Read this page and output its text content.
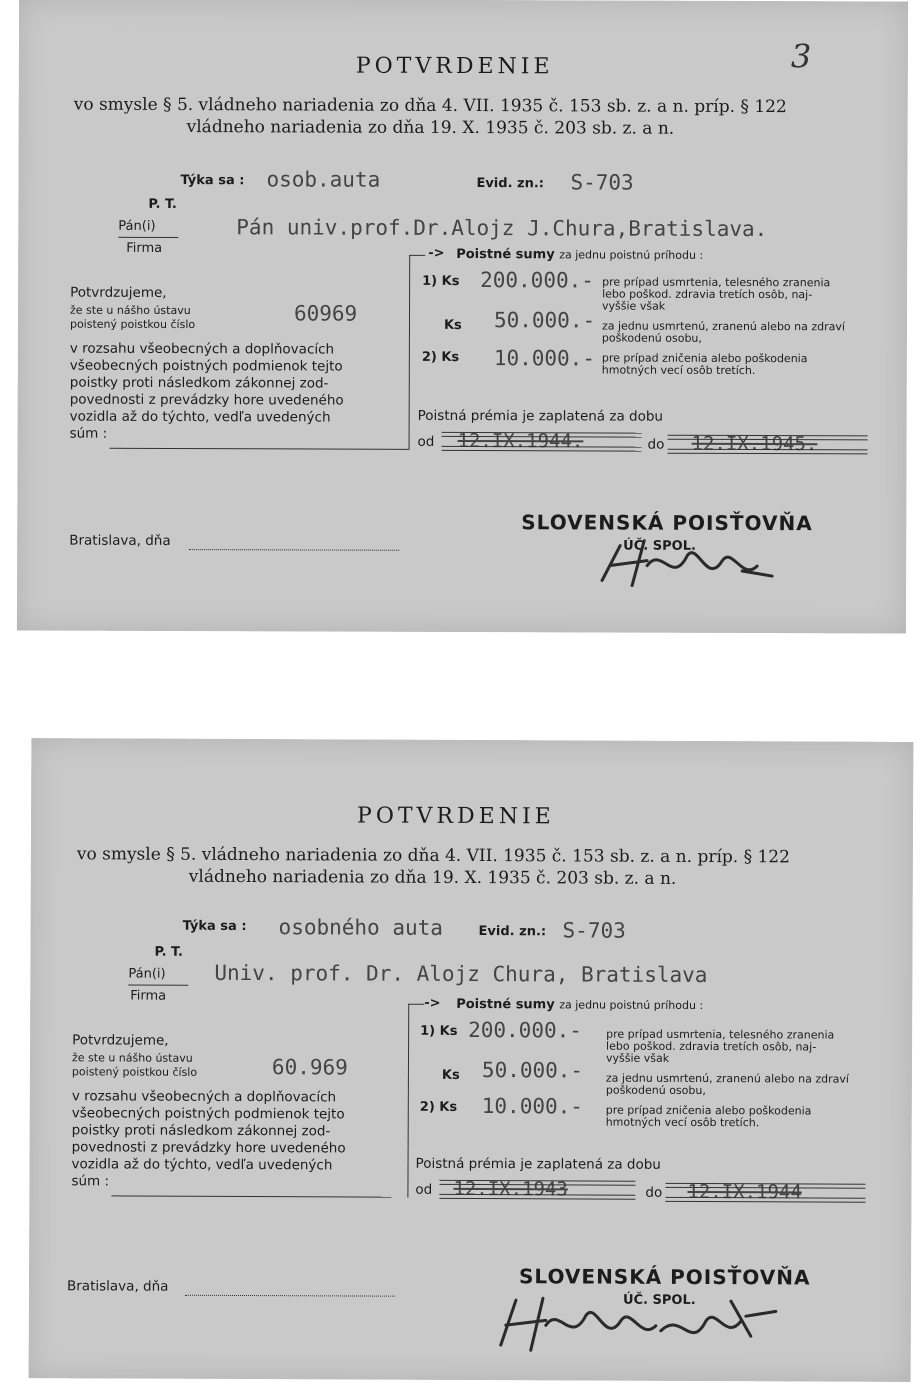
POTVRDENIE	3
vo smysle § 5. vládneho nariadenia zo dňa 4. VII. 1935 č. 153 sb. z. a n. príp. § 122
vládneho nariadenia zo dňa 19. X. 1935 č. 203 sb. z. a n.
Týka sa : osob.auta	Evid. zn.: S-703
P. T.
Pán(i)
Firma
Pán univ.prof.Dr.Alojz J.Chura,Bratislava.
Potvrdzujeme,
že ste u nášho ústavu
poistený poistkou číslo	60969
v rozsahu všeobecných a doplňovacích
všeobecných poistných podmienok tejto
poistky proti následkom zákonnej zod-
povednosti z prevádzky hore uvedeného
vozidla až do týchto, vedľa uvedených
súm :
-> Poistné sumy za jednu poistnú príhodu :
1) Ks 200.000.- pre prípad usmrtenia, telesného zranenia
lebo poškod. zdravia tretích osôb, naj-
vyššie však
Ks 50.000.- za jednu usmrtenú, zranenú alebo na zdraví
poškodenú osobu,
2) Ks 10.000.- pre prípad zničenia alebo poškodenia
hmotných vecí osôb tretích.
Poistná prémia je zaplatená za dobu
od 12.IX.1944.	do 12.IX.1945.
Bratislava, dňa
SLOVENSKÁ POISŤOVŇA
ÚČ. SPOL.
POTVRDENIE
vo smysle § 5. vládneho nariadenia zo dňa 4. VII. 1935 č. 153 sb. z. a n. príp. § 122
vládneho nariadenia zo dňa 19. X. 1935 č. 203 sb. z. a n.
Týka sa : osobného auta	Evid. zn.: S-703
P. T.
Pán(i)
Firma
Univ. prof. Dr. Alojz Chura, Bratislava
Potvrdzujeme,
že ste u nášho ústavu
poistený poistkou číslo	60.969
v rozsahu všeobecných a doplňovacích
všeobecných poistných podmienok tejto
poistky proti následkom zákonnej zod-
povednosti z prevádzky hore uvedeného
vozidla až do týchto, vedľa uvedených
súm :
-> Poistné sumy za jednu poistnú príhodu :
1) Ks 200.000.- pre prípad usmrtenia, telesného zranenia
lebo poškod. zdravia tretích osôb, naj-
vyššie však
Ks 50.000.- za jednu usmrtenú, zranenú alebo na zdraví
poškodenú osobu,
2) Ks 10.000.- pre prípad zničenia alebo poškodenia
hmotných vecí osôb tretích.
Poistná prémia je zaplatená za dobu
od 12.IX.1943	do 12.IX.1944
Bratislava, dňa	SLOVENSKÁ POISŤOVŇA
ÚČ. SPOL.
